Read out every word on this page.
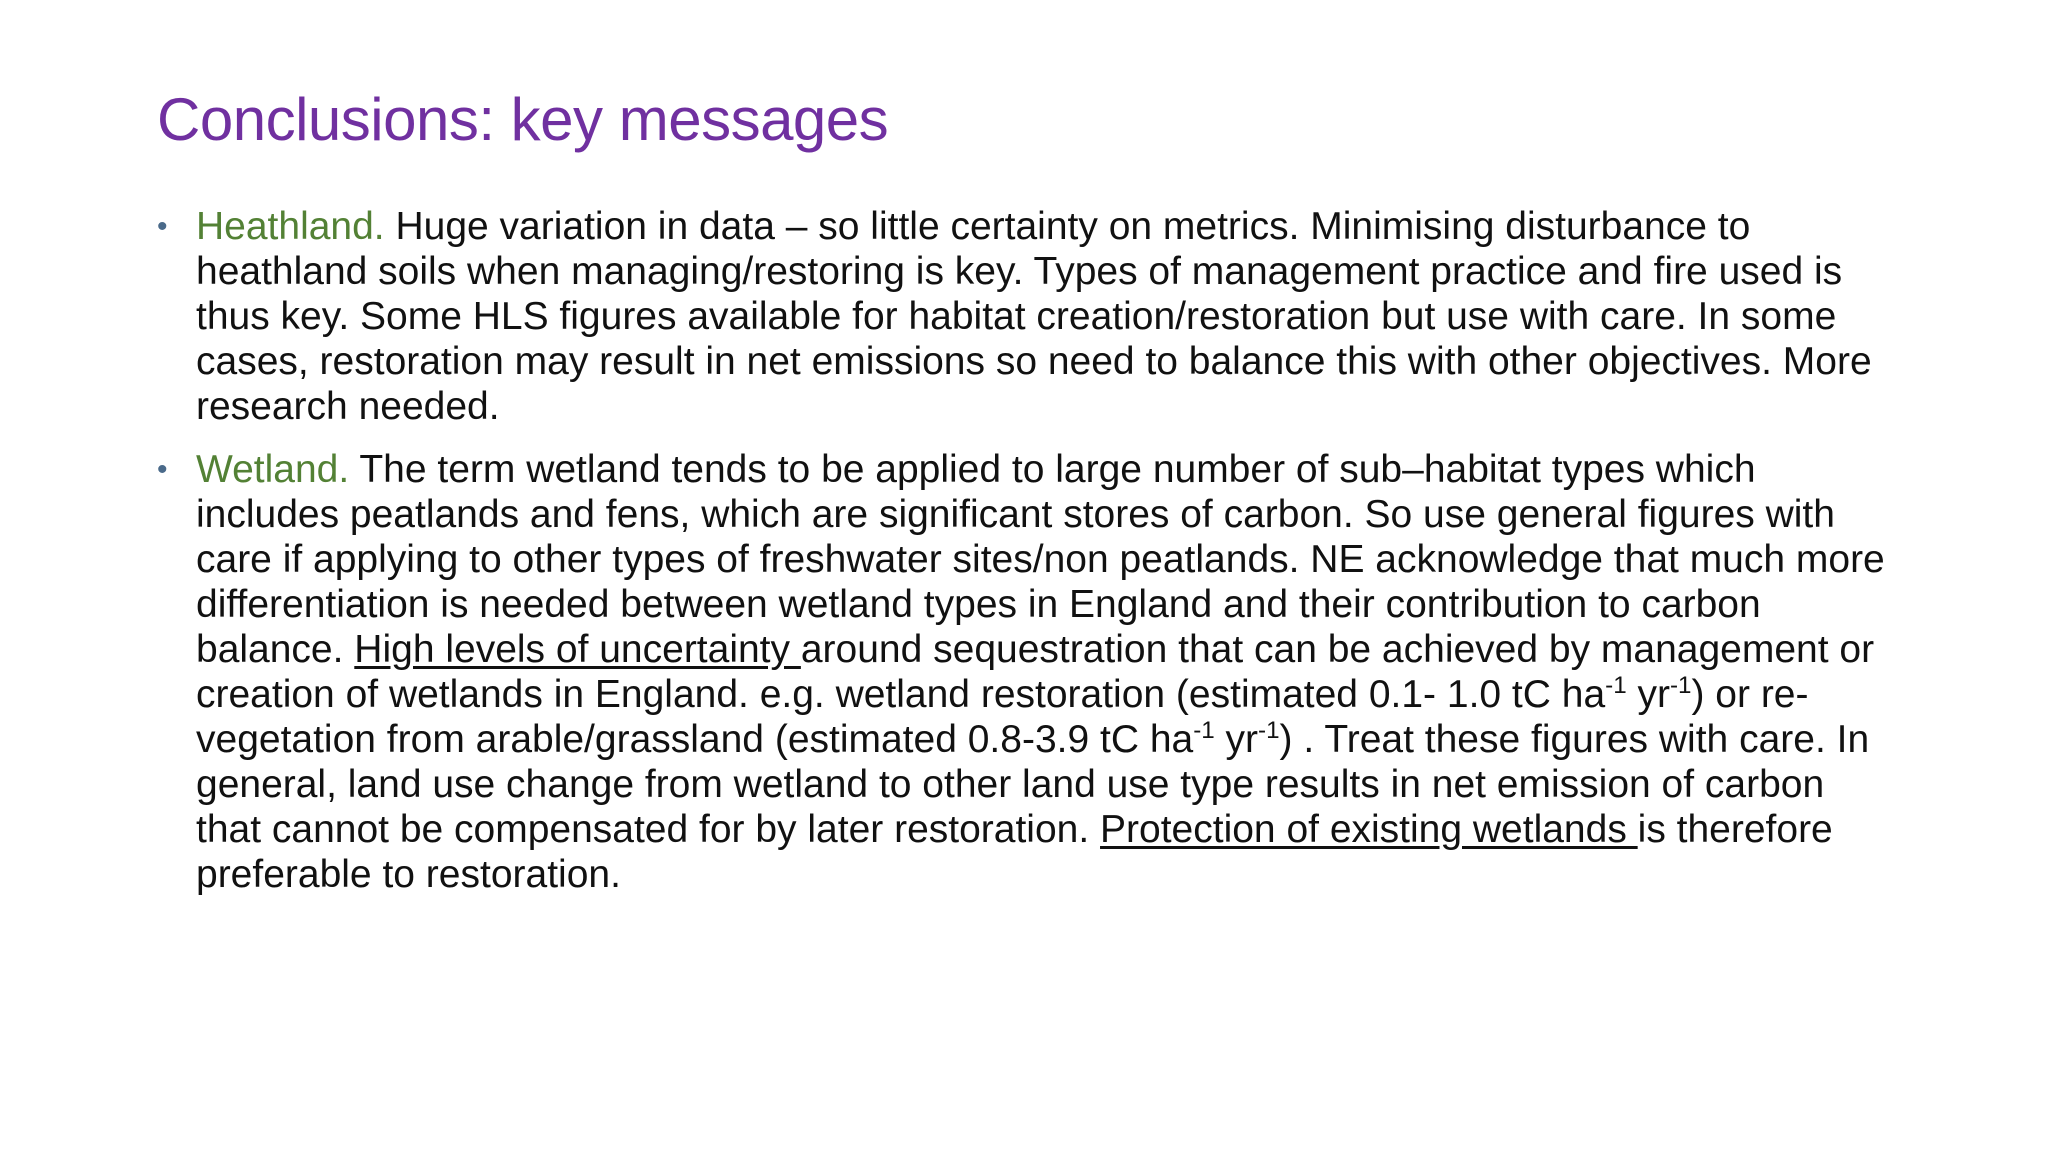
Conclusions: key messages
• Heathland. Huge variation in data – so little certainty on metrics. Minimising disturbance to heathland soils when managing/restoring is key. Types of management practice and fire used is thus key. Some HLS figures available for habitat creation/restoration but use with care. In some cases, restoration may result in net emissions so need to balance this with other objectives. More research needed.
• Wetland. The term wetland tends to be applied to large number of sub–habitat types which includes peatlands and fens, which are significant stores of carbon. So use general figures with care if applying to other types of freshwater sites/non peatlands. NE acknowledge that much more differentiation is needed between wetland types in England and their contribution to carbon balance. High levels of uncertainty around sequestration that can be achieved by management or creation of wetlands in England. e.g. wetland restoration (estimated 0.1- 1.0 tC $ha^{-1}$ $yr^{-1}$) or re-vegetation from arable/grassland (estimated 0.8-3.9 tC $ha^{-1}$ $yr^{-1}$) . Treat these figures with care. In general, land use change from wetland to other land use type results in net emission of carbon that cannot be compensated for by later restoration. Protection of existing wetlands is therefore preferable to restoration.
